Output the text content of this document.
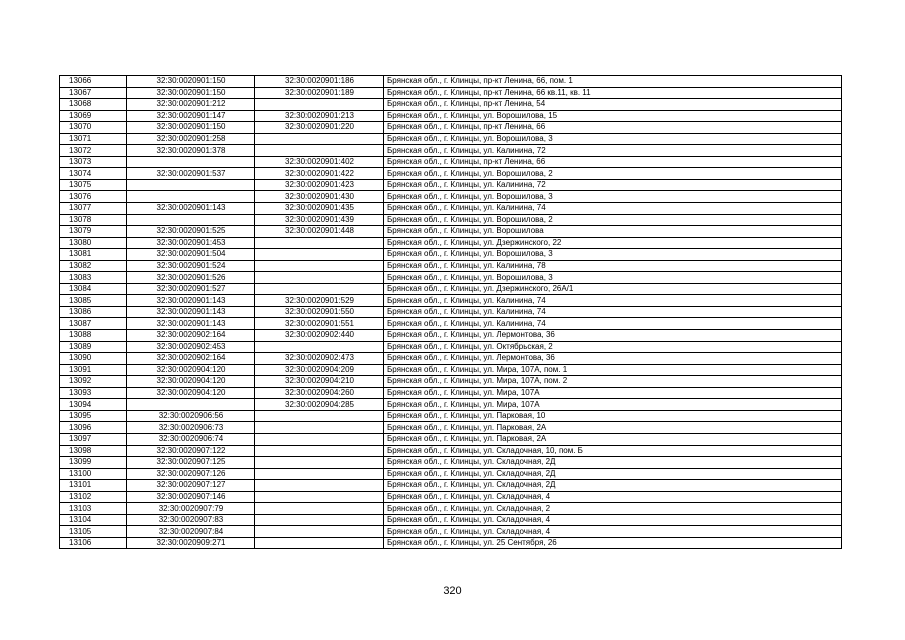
13066	32:30:0020901:150	32:30:0020901:186	Брянская обл., г. Клинцы, пр-кт Ленина, 66, пом. 1
13067	32:30:0020901:150	32:30:0020901:189	Брянская обл., г. Клинцы, пр-кт Ленина, 66 кв.11, кв. 11
13068	32:30:0020901:212		Брянская обл., г. Клинцы, пр-кт Ленина, 54
13069	32:30:0020901:147	32:30:0020901:213	Брянская обл., г. Клинцы, ул. Ворошилова, 15
13070	32:30:0020901:150	32:30:0020901:220	Брянская обл., г. Клинцы, пр-кт Ленина, 66
13071	32:30:0020901:258		Брянская обл., г. Клинцы, ул. Ворошилова, 3
13072	32:30:0020901:378		Брянская обл., г. Клинцы, ул. Калинина, 72
13073		32:30:0020901:402	Брянская обл., г. Клинцы, пр-кт Ленина, 66
13074	32:30:0020901:537	32:30:0020901:422	Брянская обл., г. Клинцы, ул. Ворошилова, 2
13075		32:30:0020901:423	Брянская обл., г. Клинцы, ул. Калинина, 72
13076		32:30:0020901:430	Брянская обл., г. Клинцы, ул. Ворошилова, 3
13077	32:30:0020901:143	32:30:0020901:435	Брянская обл., г. Клинцы, ул. Калинина, 74
13078		32:30:0020901:439	Брянская обл., г. Клинцы, ул. Ворошилова, 2
13079	32:30:0020901:525	32:30:0020901:448	Брянская обл., г. Клинцы, ул. Ворошилова
13080	32:30:0020901:453		Брянская обл., г. Клинцы, ул. Дзержинского, 22
13081	32:30:0020901:504		Брянская обл., г. Клинцы, ул. Ворошилова, 3
13082	32:30:0020901:524		Брянская обл., г. Клинцы, ул. Калинина, 78
13083	32:30:0020901:526		Брянская обл., г. Клинцы, ул. Ворошилова, 3
13084	32:30:0020901:527		Брянская обл., г. Клинцы, ул. Дзержинского, 26А/1
13085	32:30:0020901:143	32:30:0020901:529	Брянская обл., г. Клинцы, ул. Калинина, 74
13086	32:30:0020901:143	32:30:0020901:550	Брянская обл., г. Клинцы, ул. Калинина, 74
13087	32:30:0020901:143	32:30:0020901:551	Брянская обл., г. Клинцы, ул. Калинина, 74
13088	32:30:0020902:164	32:30:0020902:440	Брянская обл., г. Клинцы, ул. Лермонтова, 36
13089	32:30:0020902:453		Брянская обл., г. Клинцы, ул. Октябрьская, 2
13090	32:30:0020902:164	32:30:0020902:473	Брянская обл., г. Клинцы, ул. Лермонтова, 36
13091	32:30:0020904:120	32:30:0020904:209	Брянская обл., г. Клинцы, ул. Мира, 107А, пом. 1
13092	32:30:0020904:120	32:30:0020904:210	Брянская обл., г. Клинцы, ул. Мира, 107А, пом. 2
13093	32:30:0020904:120	32:30:0020904:260	Брянская обл., г. Клинцы, ул. Мира, 107А
13094		32:30:0020904:285	Брянская обл., г. Клинцы, ул. Мира, 107А
13095	32:30:0020906:56		Брянская обл., г. Клинцы, ул. Парковая, 10
13096	32:30:0020906:73		Брянская обл., г. Клинцы, ул. Парковая, 2А
13097	32:30:0020906:74		Брянская обл., г. Клинцы, ул. Парковая, 2А
13098	32:30:0020907:122		Брянская обл., г. Клинцы, ул. Складочная, 10, пом. Б
13099	32:30:0020907:125		Брянская обл., г. Клинцы, ул. Складочная, 2Д
13100	32:30:0020907:126		Брянская обл., г. Клинцы, ул. Складочная, 2Д
13101	32:30:0020907:127		Брянская обл., г. Клинцы, ул. Складочная, 2Д
13102	32:30:0020907:146		Брянская обл., г. Клинцы, ул. Складочная, 4
13103	32:30:0020907:79		Брянская обл., г. Клинцы, ул. Складочная, 2
13104	32:30:0020907:83		Брянская обл., г. Клинцы, ул. Складочная, 4
13105	32:30:0020907:84		Брянская обл., г. Клинцы, ул. Складочная, 4
13106	32:30:0020909:271		Брянская обл., г. Клинцы, ул. 25 Сентября, 26
320
